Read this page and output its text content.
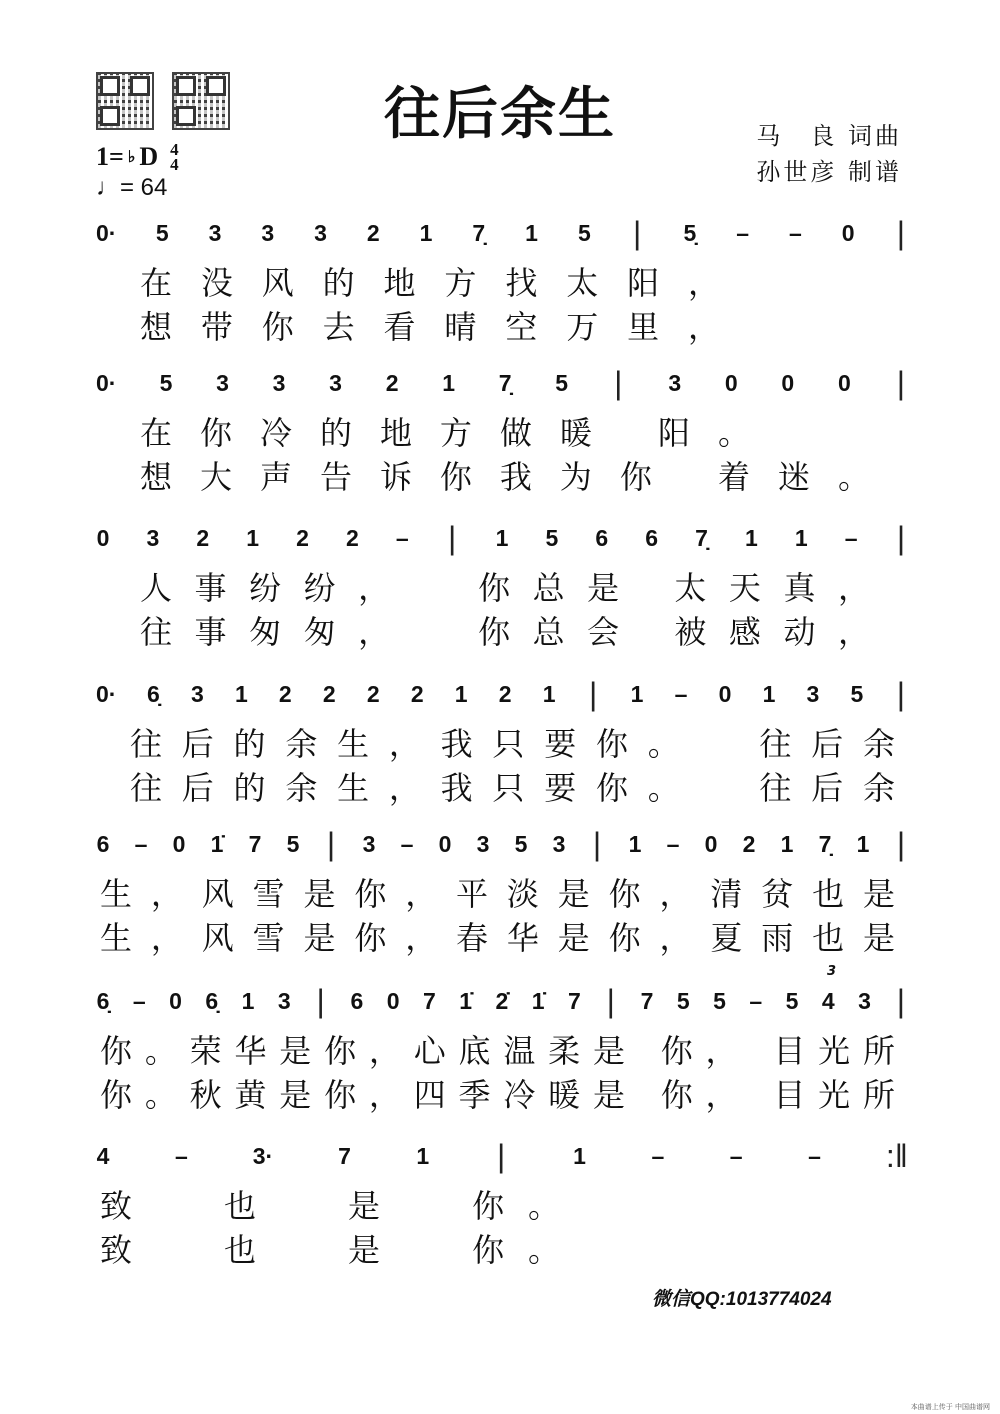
往后余生	马　良 词曲
孙世彦 制谱
1= ♭ D 4
4
♩= 64
0· 5 3 3 3 2 1 7̣ 1 5 | 5̣ – – 0 |
在没风的地方找太阳，
想带你去看晴空万里，
0· 5 3 3 3 2 1 7̣ 5 | 3 0 0 0 |
在你冷的地方做暖 阳。
想大声告诉你我为你 着迷。
0 3 2 1 2 2 – | 1 5 6 6 7̣ 1 1 – |
人事纷纷，  你总是 太天真，
往事匆匆，  你总会 被感动，
0· 6̣ 3 1 2 2 2 2 1 2 1 | 1 – 0 1 3 5 |
往后的余生，我只要你。  往后余
往后的余生，我只要你。  往后余
6 – 0 1̇ 7 5 | 3 – 0 3 5 3 | 1 – 0 2 1 7̣ 1 |
生，风雪是你，平淡是你，清贫也是
生，风雪是你，春华是你，夏雨也是
6̣ – 0 6̣ 1 3 | 6 0 7 1̇ 2̇ 1̇ 7 | 7 5 5 – 5 4 3 |
你。荣华是你，心底温柔是 你， 目光所
你。秋黄是你，四季冷暖是 你， 目光所
4	–	3·	7	1 |	1	–	–	– :‖
致  也  是  你。
致  也  是  你。
3
微信QQ:1013774024
本曲谱上传于 中国曲谱网
